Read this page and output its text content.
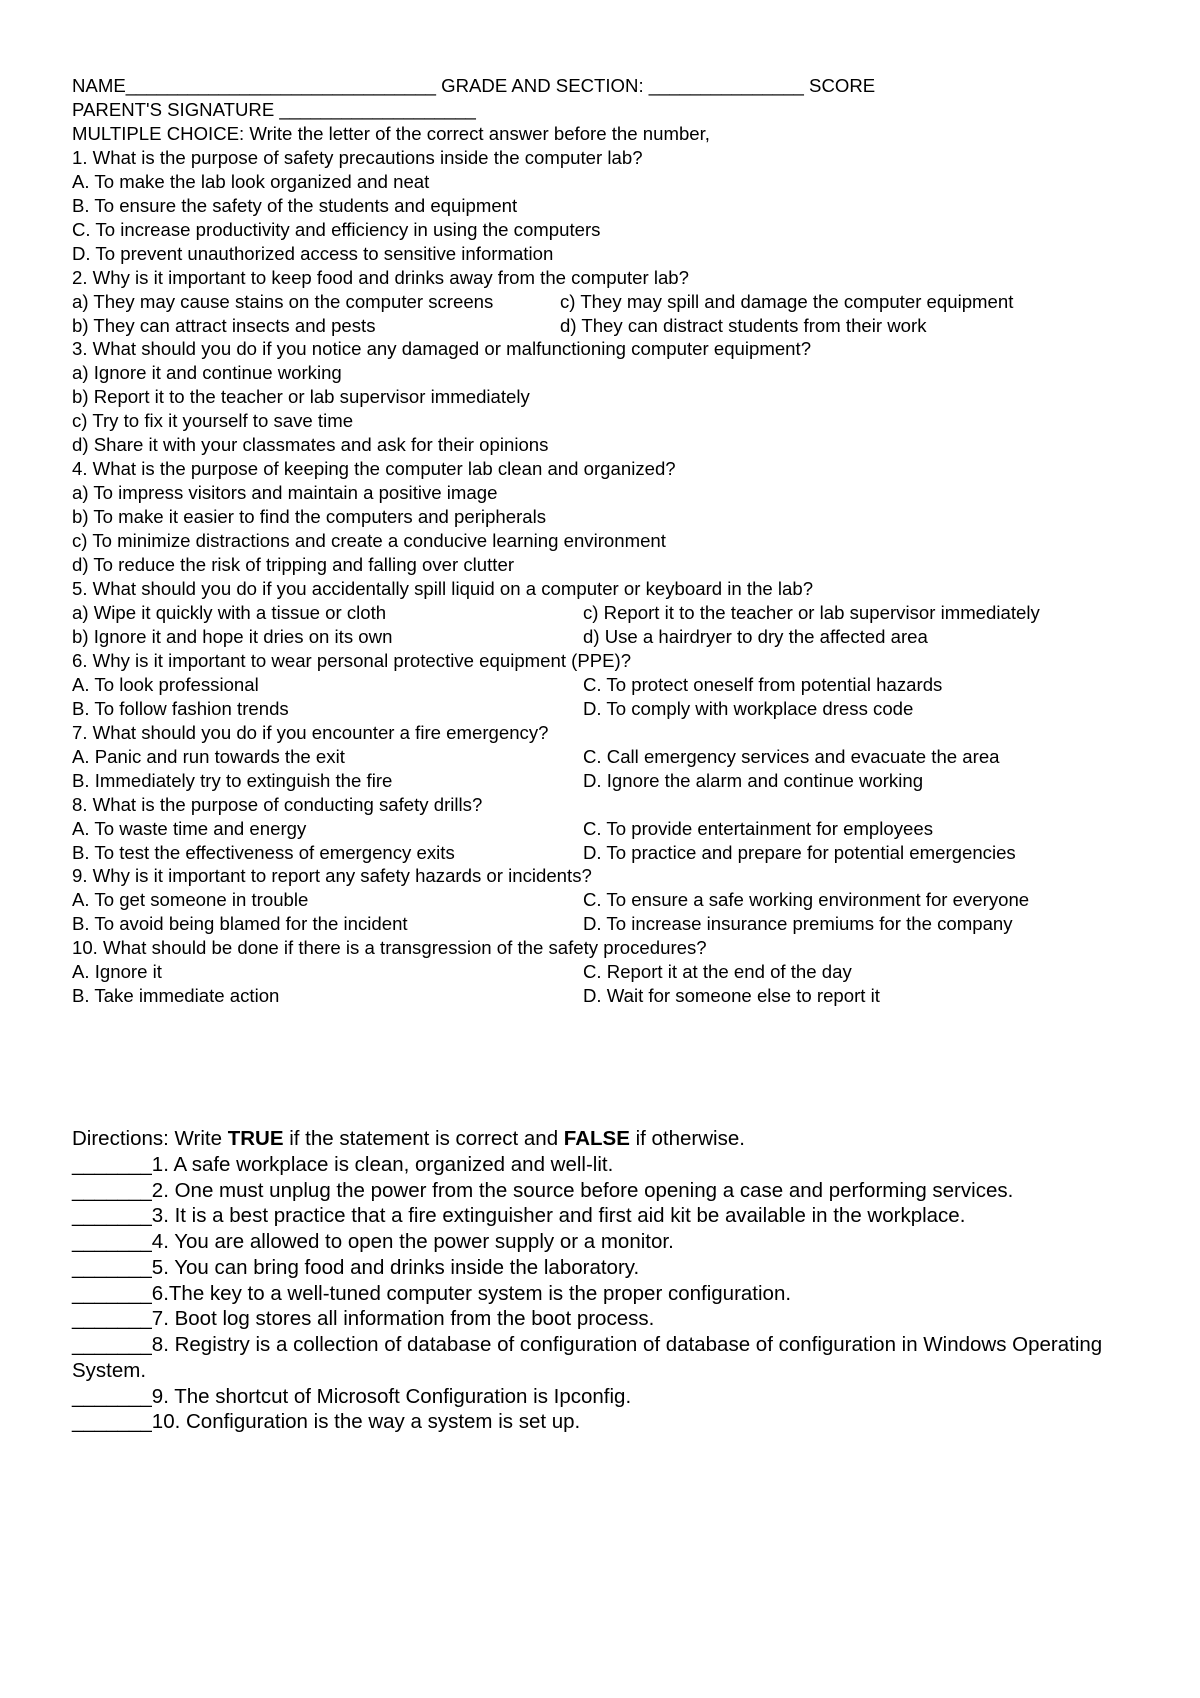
NAME______________________________ GRADE AND SECTION: _______________ SCORE
PARENT'S SIGNATURE ___________________
MULTIPLE CHOICE: Write the letter of the correct answer before the number,
1. What is the purpose of safety precautions inside the computer lab?
A. To make the lab look organized and neat
B. To ensure the safety of the students and equipment
C. To increase productivity and efficiency in using the computers
D. To prevent unauthorized access to sensitive information
2. Why is it important to keep food and drinks away from the computer lab?
a) They may cause stains on the computer screens	c) They may spill and damage the computer equipment
b) They can attract insects and pests	d) They can distract students from their work
3. What should you do if you notice any damaged or malfunctioning computer equipment?
a) Ignore it and continue working
b) Report it to the teacher or lab supervisor immediately
c) Try to fix it yourself to save time
d) Share it with your classmates and ask for their opinions
4. What is the purpose of keeping the computer lab clean and organized?
a) To impress visitors and maintain a positive image
b) To make it easier to find the computers and peripherals
c) To minimize distractions and create a conducive learning environment
d) To reduce the risk of tripping and falling over clutter
5. What should you do if you accidentally spill liquid on a computer or keyboard in the lab?
a) Wipe it quickly with a tissue or cloth	c) Report it to the teacher or lab supervisor immediately
b) Ignore it and hope it dries on its own	d) Use a hairdryer to dry the affected area
6. Why is it important to wear personal protective equipment (PPE)?
A. To look professional	C. To protect oneself from potential hazards
B. To follow fashion trends	D. To comply with workplace dress code
7. What should you do if you encounter a fire emergency?
A. Panic and run towards the exit	C. Call emergency services and evacuate the area
B. Immediately try to extinguish the fire	D. Ignore the alarm and continue working
8. What is the purpose of conducting safety drills?
A. To waste time and energy	C. To provide entertainment for employees
B. To test the effectiveness of emergency exits	D. To practice and prepare for potential emergencies
9. Why is it important to report any safety hazards or incidents?
A. To get someone in trouble	C. To ensure a safe working environment for everyone
B. To avoid being blamed for the incident	D. To increase insurance premiums for the company
10. What should be done if there is a transgression of the safety procedures?
A. Ignore it	C. Report it at the end of the day
B. Take immediate action	D. Wait for someone else to report it
Directions: Write TRUE if the statement is correct and FALSE if otherwise.
_______1. A safe workplace is clean, organized and well-lit.
_______2. One must unplug the power from the source before opening a case and performing services.
_______3. It is a best practice that a fire extinguisher and first aid kit be available in the workplace.
_______4. You are allowed to open the power supply or a monitor.
_______5. You can bring food and drinks inside the laboratory.
_______6.The key to a well-tuned computer system is the proper configuration.
_______7. Boot log stores all information from the boot process.
_______8. Registry is a collection of database of configuration of database of configuration in Windows Operating System.
_______9. The shortcut of Microsoft Configuration is Ipconfig.
_______10. Configuration is the way a system is set up.
